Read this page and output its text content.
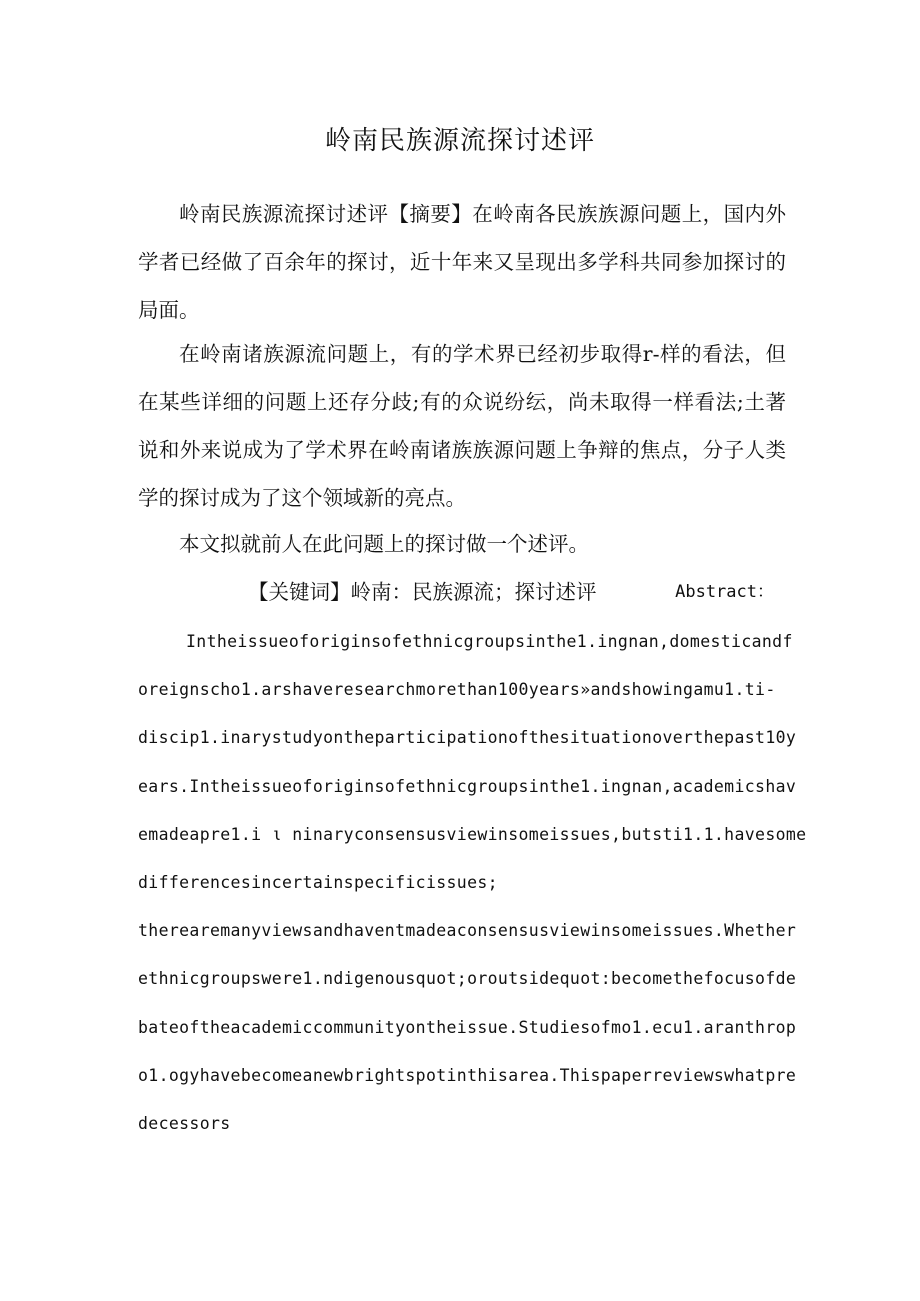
岭南民族源流探讨述评

岭南民族源流探讨述评【摘要】在岭南各民族族源问题上，国内外学者已经做了百余年的探讨，近十年来又呈现出多学科共同参加探讨的局面。

在岭南诸族源流问题上，有的学术界已经初步取得r-样的看法，但在某些详细的问题上还存分歧;有的众说纷纭，尚未取得一样看法;土著说和外来说成为了学术界在岭南诸族族源问题上争辩的焦点，分子人类学的探讨成为了这个领域新的亮点。

本文拟就前人在此问题上的探讨做一个述评。

【关键词】岭南：民族源流；探讨述评	Abstract：
Intheissueoforiginsofethnicgroupsinthe1.ingnan,domesticandf
oreignscho1.arshaveresearchmorethan100years»andshowingamu1.ti-
discip1.inarystudyontheparticipationofthesituationoverthepast10y
ears.Intheissueoforiginsofethnicgroupsinthe1.ingnan,academicshav
emadeapre1.i ι ninaryconsensusviewinsomeissues,butsti1.1.havesome
differencesincertainspecificissues;
therearemanyviewsandhaventmadeaconsensusviewinsomeissues.Whether
ethnicgroupswere1.ndigenousquot;oroutsidequot:becomethefocusofde
bateoftheacademiccommunityontheissue.Studiesofmo1.ecu1.aranthrop
o1.ogyhavebecomeanewbrightspotinthisarea.Thispaperreviewswhatpre
decessors
